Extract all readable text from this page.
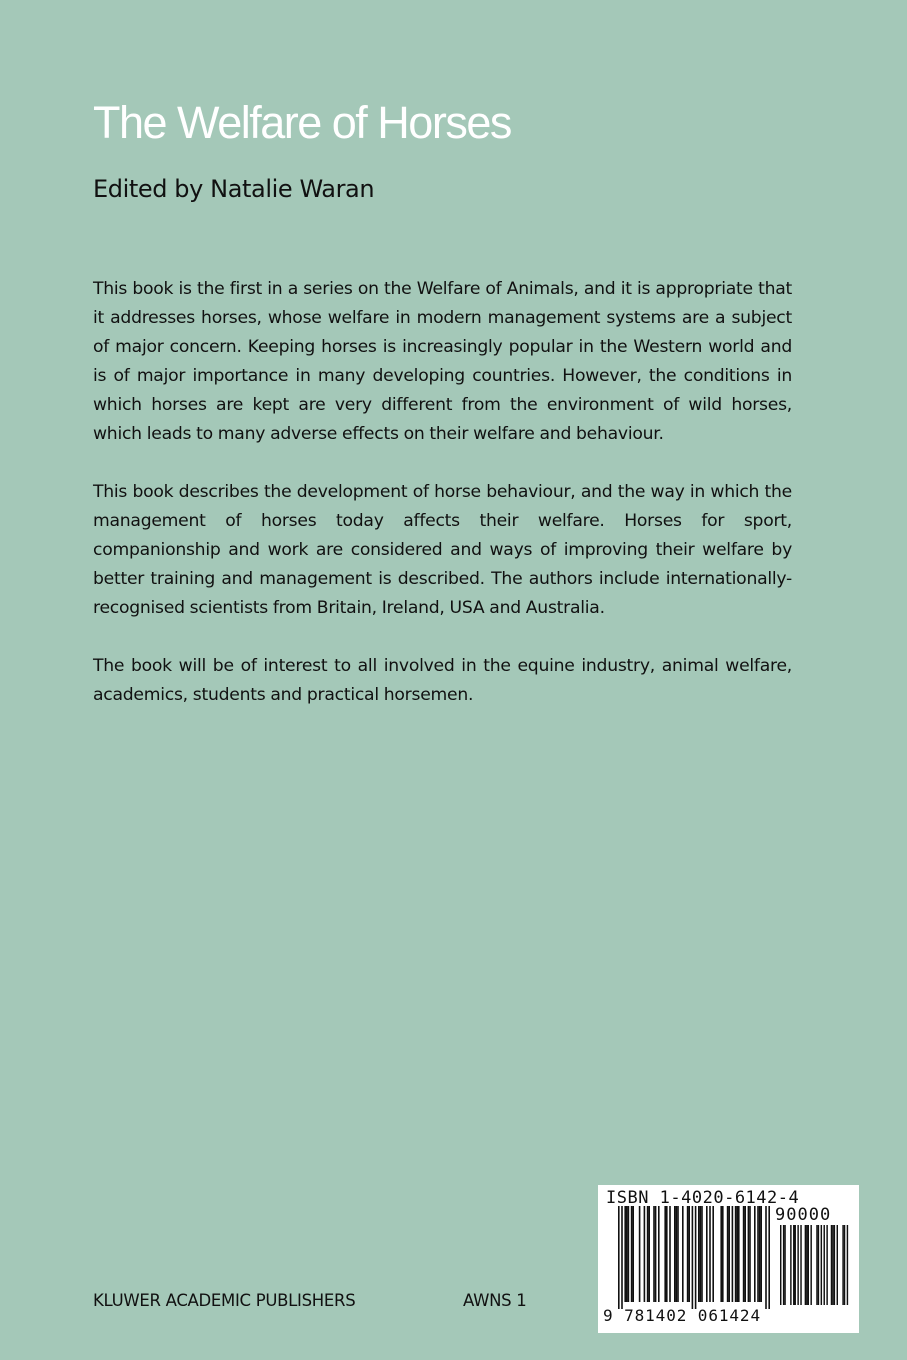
The Welfare of Horses
Edited by Natalie Waran

This book is the first in a series on the Welfare of Animals, and it is appropriate that it addresses horses, whose welfare in modern management systems are a subject of major concern. Keeping horses is increasingly popular in the Western world and is of major importance in many developing countries. However, the conditions in which horses are kept are very different from the environment of wild horses, which leads to many adverse effects on their welfare and behaviour.

This book describes the development of horse behaviour, and the way in which the management of horses today affects their welfare. Horses for sport, companionship and work are considered and ways of improving their welfare by better training and management is described. The authors include internationally-recognised scientists from Britain, Ireland, USA and Australia.

The book will be of interest to all involved in the equine industry, animal welfare, academics, students and practical horsemen.

KLUWER ACADEMIC PUBLISHERS	AWNS 1
ISBN 1-4020-6142-4
90000
9 781402 061424
